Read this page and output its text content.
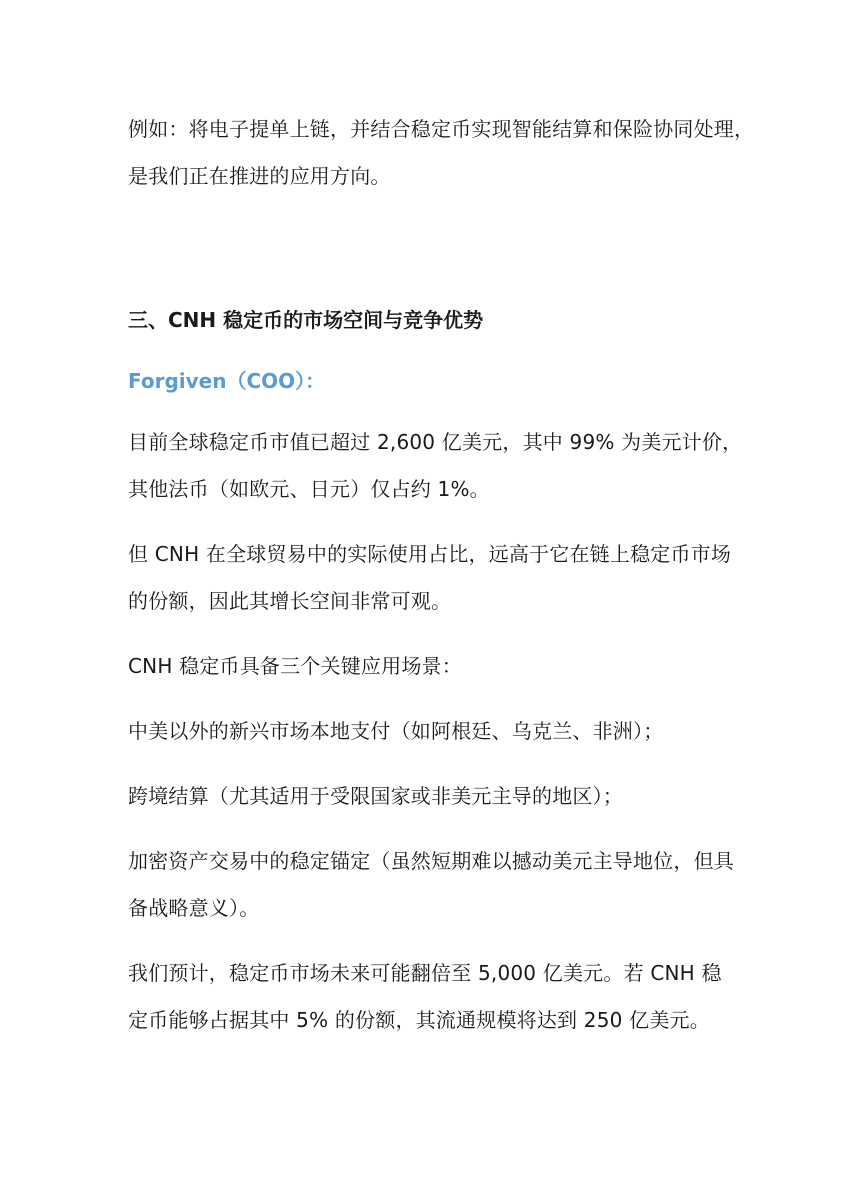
例如：将电子提单上链，并结合稳定币实现智能结算和保险协同处理，
是我们正在推进的应用方向。
三、CNH 稳定币的市场空间与竞争优势
Forgiven（COO）：
目前全球稳定币市值已超过 2,600 亿美元，其中 99% 为美元计价，
其他法币（如欧元、日元）仅占约 1%。
但 CNH 在全球贸易中的实际使用占比，远高于它在链上稳定币市场
的份额，因此其增长空间非常可观。
CNH 稳定币具备三个关键应用场景：
中美以外的新兴市场本地支付（如阿根廷、乌克兰、非洲）；
跨境结算（尤其适用于受限国家或非美元主导的地区）；
加密资产交易中的稳定锚定（虽然短期难以撼动美元主导地位，但具
备战略意义）。
我们预计，稳定币市场未来可能翻倍至 5,000 亿美元。若 CNH 稳
定币能够占据其中 5% 的份额，其流通规模将达到 250 亿美元。
